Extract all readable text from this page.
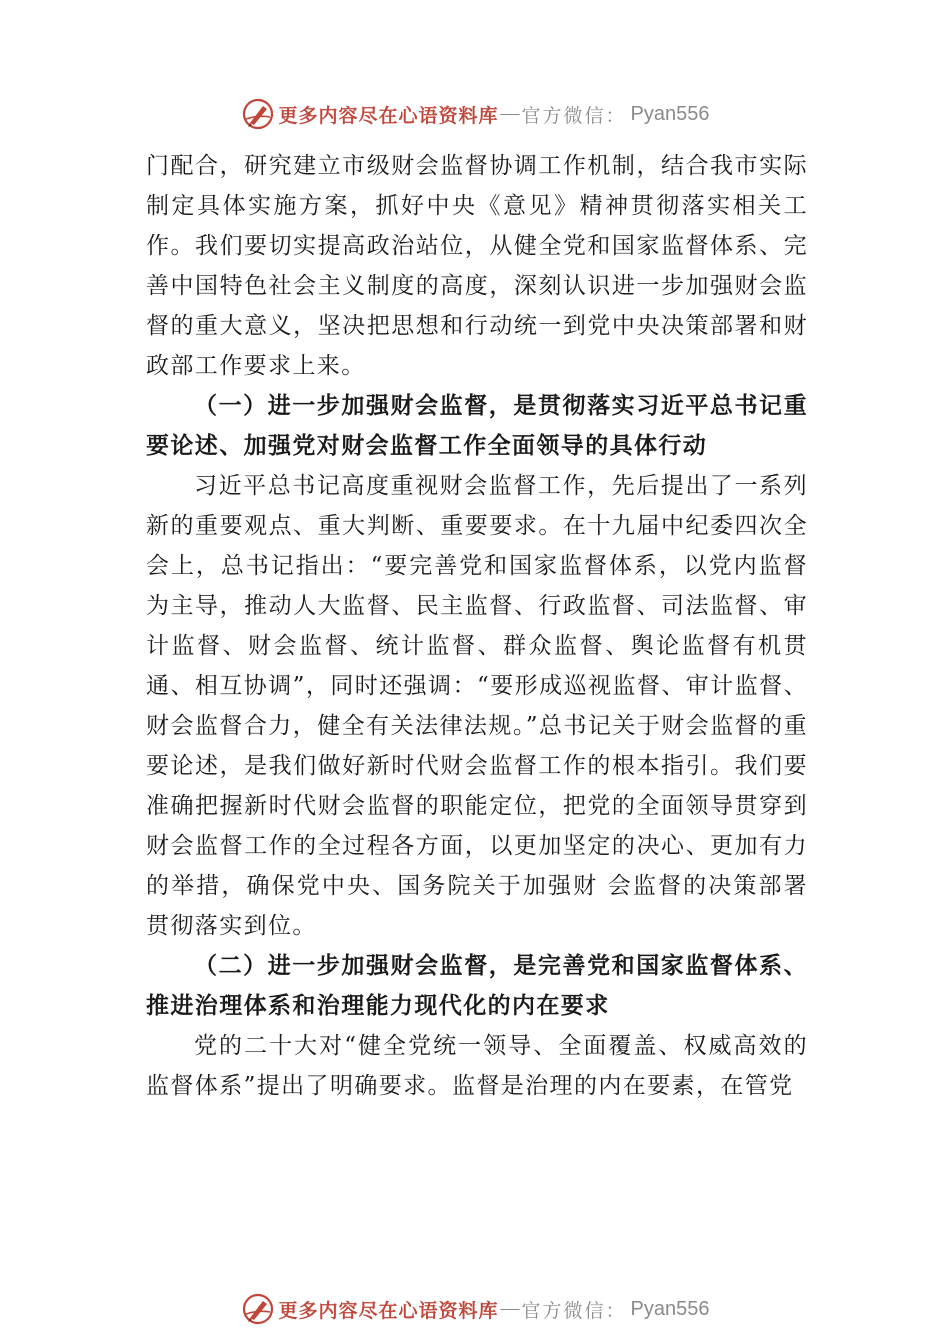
更多内容尽在心语资料库 — 官方微信： Pyan556

门配合，研究建立市级财会监督协调工作机制，结合我市实际制定具体实施方案，抓好中央《意见》精神贯彻落实相关工作。我们要切实提高政治站位，从健全党和国家监督体系、完善中国特色社会主义制度的高度，深刻认识进一步加强财会监督的重大意义，坚决把思想和行动统一到党中央决策部署和财政部工作要求上来。

（一）进一步加强财会监督，是贯彻落实习近平总书记重要论述、加强党对财会监督工作全面领导的具体行动

习近平总书记高度重视财会监督工作，先后提出了一系列新的重要观点、重大判断、重要要求。在十九届中纪委四次全会上，总书记指出：“要完善党和国家监督体系，以党内监督为主导，推动人大监督、民主监督、行政监督、司法监督、审计监督、财会监督、统计监督、群众监督、舆论监督有机贯通、相互协调”，同时还强调：“要形成巡视监督、审计监督、财会监督合力，健全有关法律法规。”总书记关于财会监督的重要论述，是我们做好新时代财会监督工作的根本指引。我们要准确把握新时代财会监督的职能定位，把党的全面领导贯穿到财会监督工作的全过程各方面，以更加坚定的决心、更加有力的举措，确保党中央、国务院关于加强财 会监督的决策部署贯彻落实到位。

（二）进一步加强财会监督，是完善党和国家监督体系、推进治理体系和治理能力现代化的内在要求

党的二十大对“健全党统一领导、全面覆盖、权威高效的监督体系”提出了明确要求。监督是治理的内在要素，在管党

更多内容尽在心语资料库 — 官方微信： Pyan556
